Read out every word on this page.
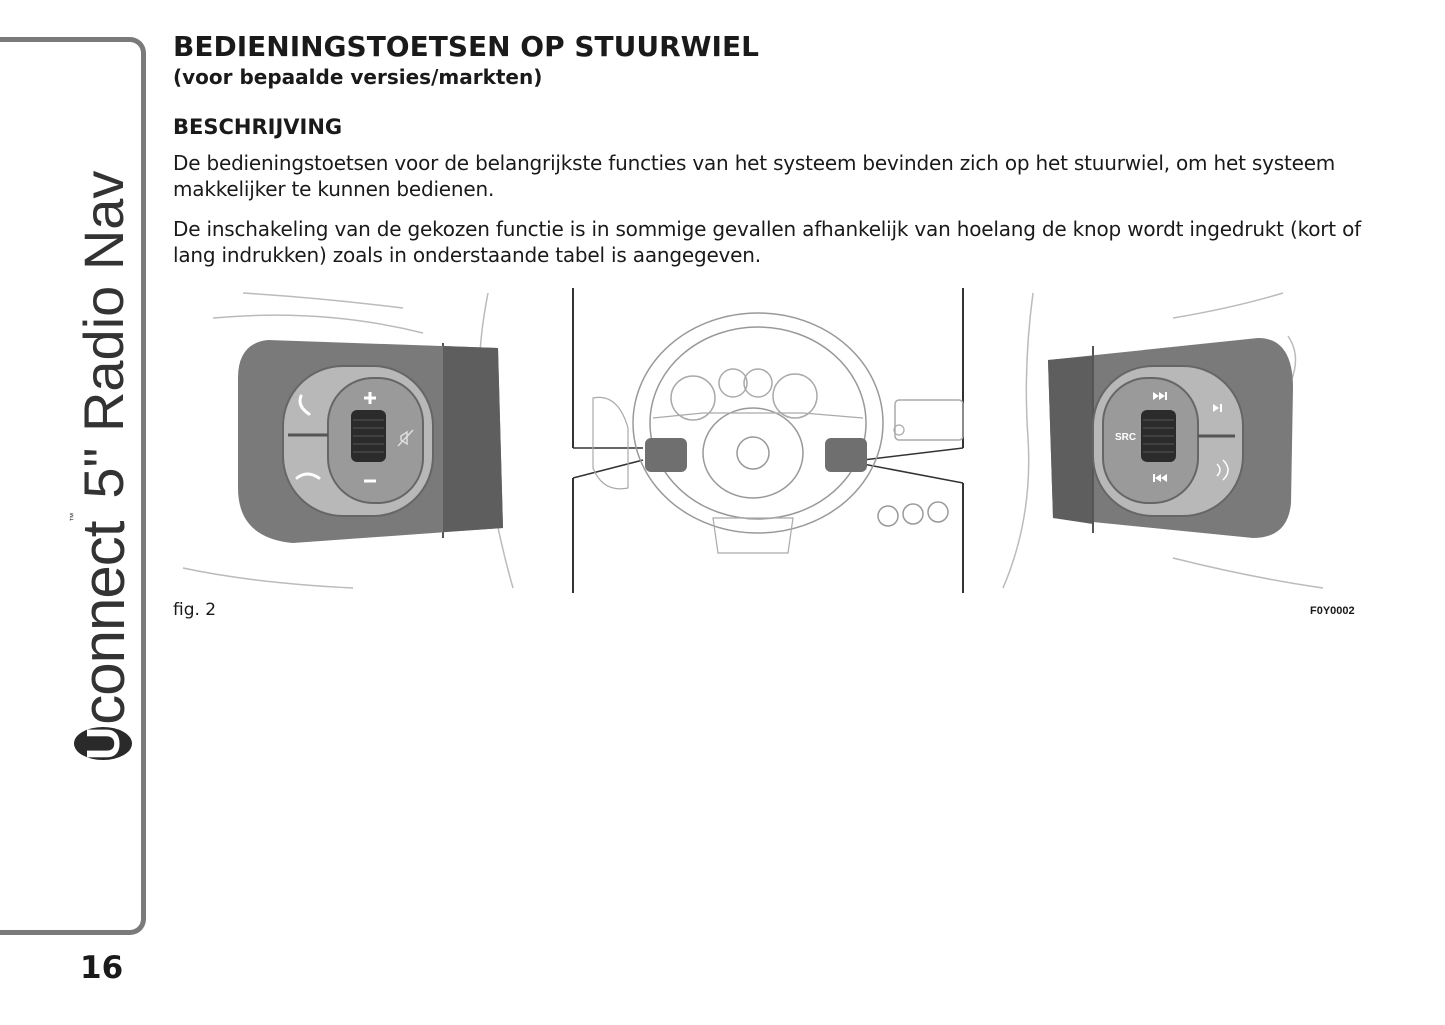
U
connect
™
5" Radio Nav
16
BEDIENINGSTOETSEN OP STUURWIEL

(voor bepaalde versies/markten)

BESCHRIJVING

De bedieningstoetsen voor de belangrijkste functies van het systeem bevinden zich op het stuurwiel, om het systeem makkelijker te kunnen bedienen.

De inschakeling van de gekozen functie is in sommige gevallen afhankelijk van hoelang de knop wordt ingedrukt (kort of lang indrukken) zoals in onderstaande tabel is aangegeven.

SRC
fig. 2	F0Y0002
